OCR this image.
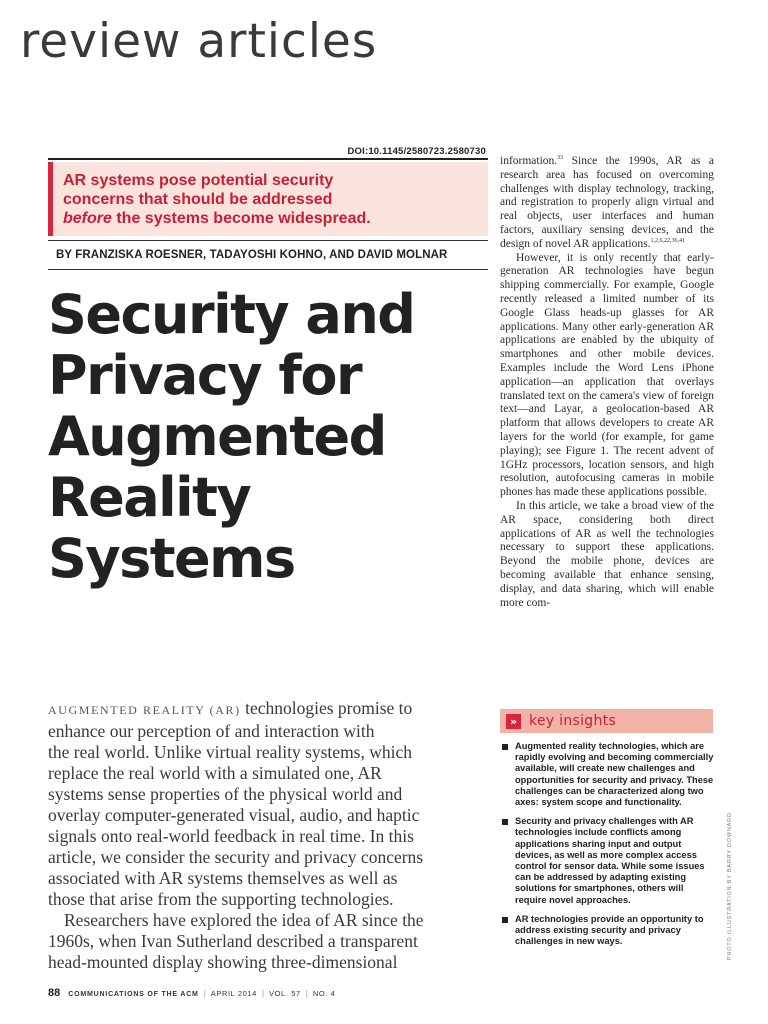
review articles
DOI:10.1145/2580723.2580730
AR systems pose potential security
concerns that should be addressed
before the systems become widespread.
BY FRANZISKA ROESNER, TADAYOSHI KOHNO, AND DAVID MOLNAR
Security and
Privacy for
Augmented
Reality
Systems
AUGMENTED REALITY (AR) technologies promise to
enhance our perception of and interaction with
the real world. Unlike virtual reality systems, which
replace the real world with a simulated one, AR
systems sense properties of the physical world and
overlay computer-generated visual, audio, and haptic
signals onto real-world feedback in real time. In this
article, we consider the security and privacy concerns
associated with AR systems themselves as well as
those that arise from the supporting technologies.
Researchers have explored the idea of AR since the
1960s, when Ivan Sutherland described a transparent
head-mounted display showing three-dimensional

information.$^{33}$ Since the 1990s, AR as a research area has focused on overcoming challenges with display technology, tracking, and registration to properly align virtual and real objects, user interfaces and human factors, auxiliary sensing devices, and the design of novel AR applications.$^{1,2,6,22,36,41}$

However, it is only recently that early-generation AR technologies have begun shipping commercially. For example, Google recently released a limited number of its Google Glass heads-up glasses for AR applications. Many other early-generation AR applications are enabled by the ubiquity of smartphones and other mobile devices. Examples include the Word Lens iPhone application—an application that overlays translated text on the camera's view of foreign text—and Layar, a geolocation-based AR platform that allows developers to create AR layers for the world (for example, for game playing); see Figure 1. The recent advent of 1GHz processors, location sensors, and high resolution, autofocusing cameras in mobile phones has made these applications possible.

In this article, we take a broad view of the AR space, considering both direct applications of AR as well the technologies necessary to support these applications. Beyond the mobile phone, devices are becoming available that enhance sensing, display, and data sharing, which will enable more com-

» key insights
Augmented reality technologies, which are rapidly evolving and becoming commercially available, will create new challenges and opportunities for security and privacy. These challenges can be characterized along two axes: system scope and functionality.
Security and privacy challenges with AR technologies include conflicts among applications sharing input and output devices, as well as more complex access control for sensor data. While some issues can be addressed by adapting existing solutions for smartphones, others will require novel approaches.
AR technologies provide an opportunity to address existing security and privacy challenges in new ways.	PHOTO ILLUSTRATION BY BARRY DOWNARD
88 COMMUNICATIONS OF THE ACM | APRIL 2014 | VOL. 57 | NO. 4
